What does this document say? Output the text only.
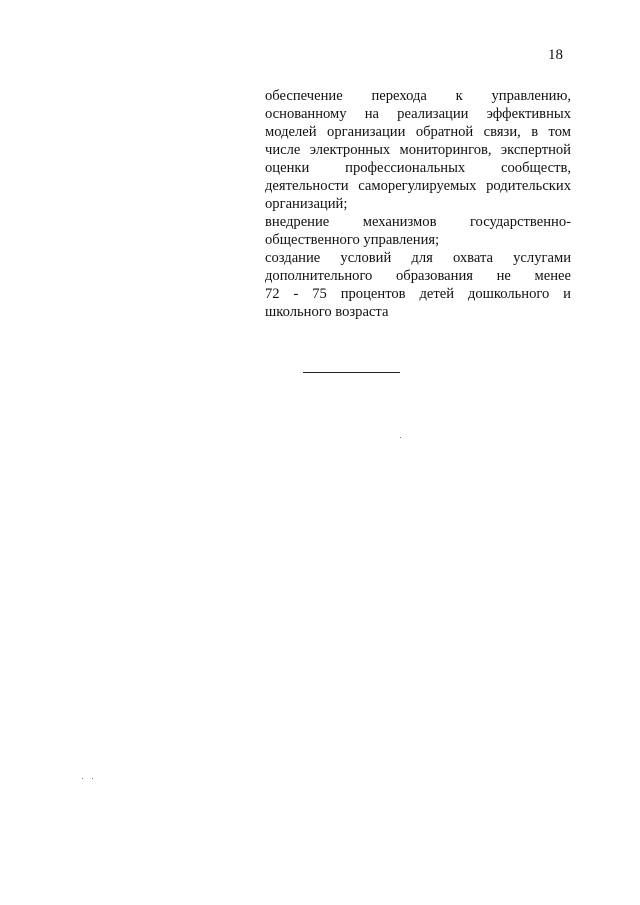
18
обеспечение перехода к управлению,
основанному на реализации эффективных
моделей организации обратной связи, в том
числе электронных мониторингов, экспертной
оценки профессиональных сообществ,
деятельности саморегулируемых родительских
организаций;
внедрение механизмов государственно-
общественного управления;
создание условий для охвата услугами
дополнительного образования не менее
72 - 75 процентов детей дошкольного и
школьного возраста
